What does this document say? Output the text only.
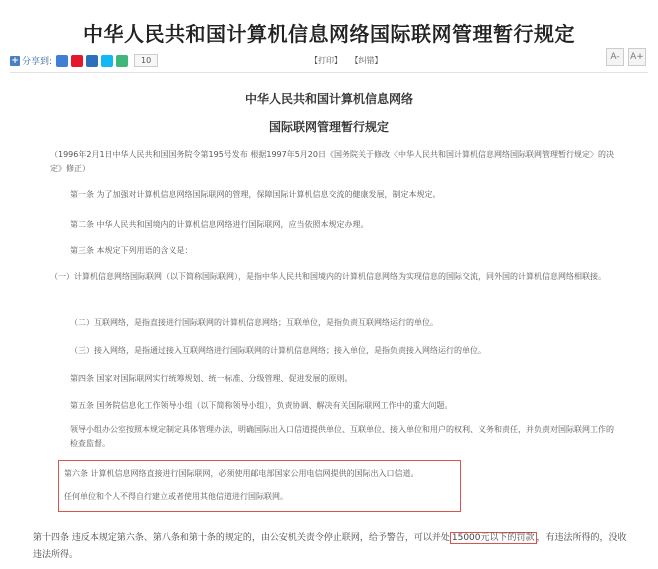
中华人民共和国计算机信息网络国际联网管理暂行规定
+ 分享到:	10	【打印】 【纠错】	A-	A+
中华人民共和国计算机信息网络
国际联网管理暂行规定
（1996年2月1日中华人民共和国国务院令第195号发布 根据1997年5月20日《国务院关于修改〈中华人民共和国计算机信息网络国际联网管理暂行规定〉的决定》修正）
第一条 为了加强对计算机信息网络国际联网的管理，保障国际计算机信息交流的健康发展，制定本规定。
第二条 中华人民共和国境内的计算机信息网络进行国际联网，应当依照本规定办理。
第三条 本规定下列用语的含义是：
（一）计算机信息网络国际联网（以下简称国际联网），是指中华人民共和国境内的计算机信息网络为实现信息的国际交流，同外国的计算机信息网络相联接。
（二）互联网络，是指直接进行国际联网的计算机信息网络；互联单位，是指负责互联网络运行的单位。
（三）接入网络，是指通过接入互联网络进行国际联网的计算机信息网络；接入单位，是指负责接入网络运行的单位。
第四条 国家对国际联网实行统筹规划、统一标准、分级管理、促进发展的原则。
第五条 国务院信息化工作领导小组（以下简称领导小组），负责协调、解决有关国际联网工作中的重大问题。
领导小组办公室按照本规定制定具体管理办法，明确国际出入口信道提供单位、互联单位、接入单位和用户的权利、义务和责任，并负责对国际联网工作的检查监督。
第六条 计算机信息网络直接进行国际联网，必须使用邮电部国家公用电信网提供的国际出入口信道。
任何单位和个人不得自行建立或者使用其他信道进行国际联网。
第十四条 违反本规定第六条、第八条和第十条的规定的，由公安机关责令停止联网，给予警告，可以并处 15000元以下的罚款 ，有违法所得的，没收违法所得。
